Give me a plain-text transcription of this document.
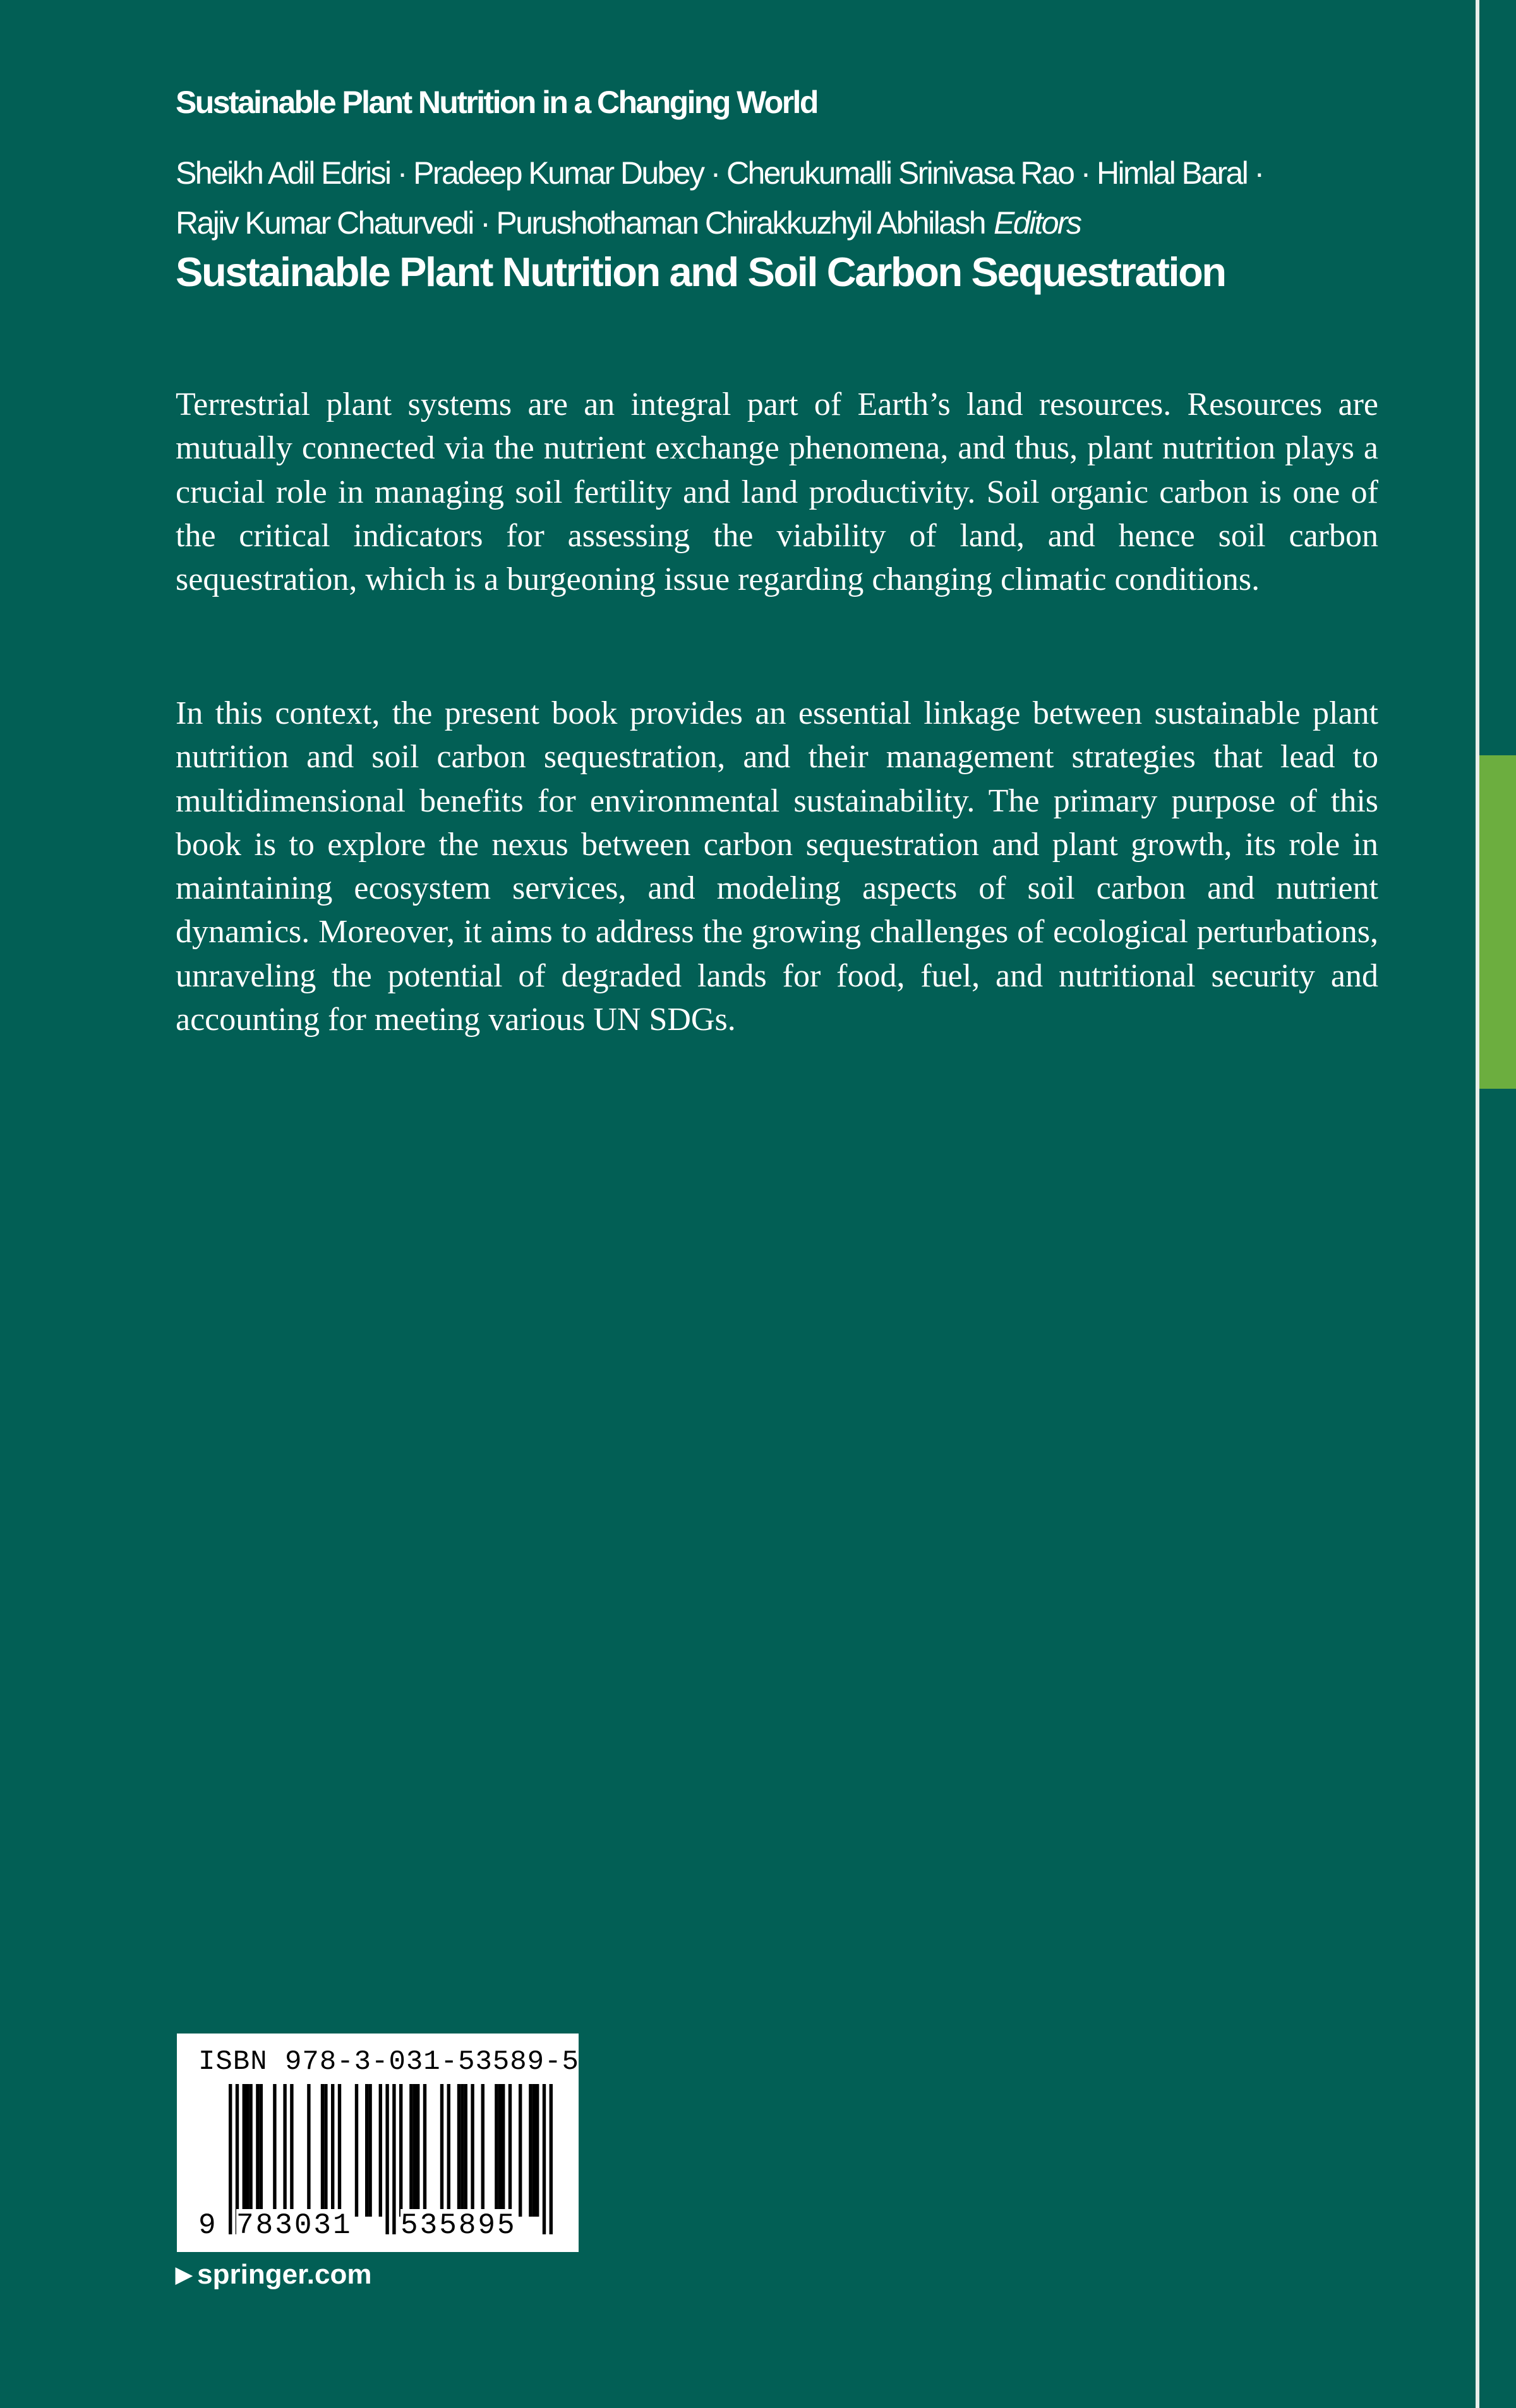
Sustainable Plant Nutrition in a Changing World
Sheikh Adil Edrisi · Pradeep Kumar Dubey · Cherukumalli Srinivasa Rao · Himlal Baral ·
Rajiv Kumar Chaturvedi · Purushothaman Chirakkuzhyil Abhilash Editors
Sustainable Plant Nutrition and Soil Carbon Sequestration

Terrestrial plant systems are an integral part of Earth’s land resources. Resources are mutually connected via the nutrient exchange phenomena, and thus, plant nutrition plays a crucial role in managing soil fertility and land productivity. Soil organic carbon is one of the critical indicators for assessing the viability of land, and hence soil carbon sequestration, which is a burgeoning issue regarding changing climatic conditions.

In this context, the present book provides an essential linkage between sustainable plant nutrition and soil carbon sequestration, and their management strategies that lead to multidimensional benefits for environmental sustainability. The primary purpose of this book is to explore the nexus between carbon sequestration and plant growth, its role in maintaining ecosystem services, and modeling aspects of soil carbon and nutrient dynamics. Moreover, it aims to address the growing challenges of ecological perturbations, unraveling the potential of degraded lands for food, fuel, and nutritional security and accounting for meeting various UN SDGs.

ISBN 978-3-031-53589-5
9 783031 535895
▶ springer.com
